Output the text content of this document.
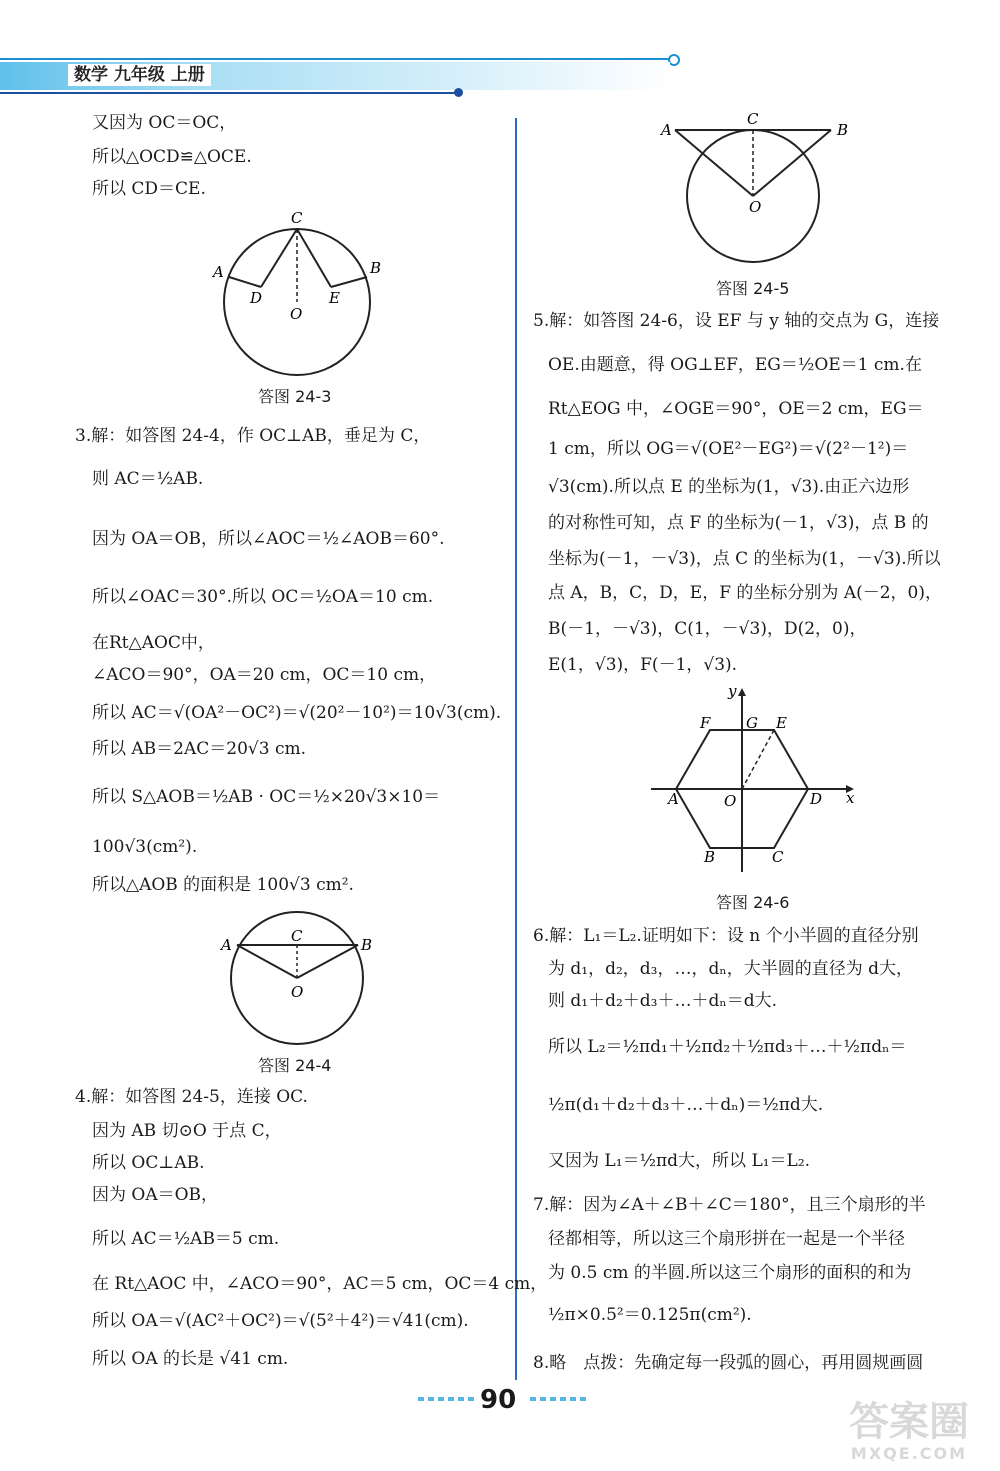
数学 九年级 上册
又因为 OC＝OC，
所以△OCD≌△OCE.
所以 CD＝CE.
C
A	B
D	E
O
答图 24-3
3.解：如答图 24-4，作 OC⊥AB，垂足为 C，
则 AC＝½AB.
因为 OA＝OB，所以∠AOC＝½∠AOB＝60°.
所以∠OAC＝30°.所以 OC＝½OA＝10 cm.
在Rt△AOC中，
∠ACO＝90°，OA＝20 cm，OC＝10 cm，
所以 AC＝√(OA²－OC²)＝√(20²－10²)＝10√3(cm).
所以 AB＝2AC＝20√3 cm.
所以 S△AOB＝½AB · OC＝½×20√3×10＝
100√3(cm²).
所以△AOB 的面积是 100√3 cm².
A	B
C
O
答图 24-4
4.解：如答图 24-5，连接 OC.
因为 AB 切⊙O 于点 C，
所以 OC⊥AB.
因为 OA＝OB，
所以 AC＝½AB＝5 cm.
在 Rt△AOC 中，∠ACO＝90°，AC＝5 cm，OC＝4 cm，
所以 OA＝√(AC²＋OC²)＝√(5²＋4²)＝√41(cm).
所以 OA 的长是 √41 cm.
A	B
C
O
答图 24-5
5.解：如答图 24-6，设 EF 与 y 轴的交点为 G，连接
OE.由题意，得 OG⊥EF，EG＝½OE＝1 cm.在
Rt△EOG 中，∠OGE＝90°，OE＝2 cm，EG＝
1 cm，所以 OG＝√(OE²－EG²)＝√(2²－1²)＝
√3(cm).所以点 E 的坐标为(1，√3).由正六边形
的对称性可知，点 F 的坐标为(－1，√3)，点 B 的
坐标为(－1，－√3)，点 C 的坐标为(1，－√3).所以
点 A，B，C，D，E，F 的坐标分别为 A(－2，0)，
B(－1，－√3)，C(1，－√3)，D(2，0)，
E(1，√3)，F(－1，√3).
y
x
F G E
A	O	D
B	C
答图 24-6
6.解：L₁＝L₂.证明如下：设 n 个小半圆的直径分别
为 d₁，d₂，d₃，…，dₙ，大半圆的直径为 d大，
则 d₁＋d₂＋d₃＋…＋dₙ＝d大.
所以 L₂＝½πd₁＋½πd₂＋½πd₃＋…＋½πdₙ＝
½π(d₁＋d₂＋d₃＋…＋dₙ)＝½πd大.
又因为 L₁＝½πd大，所以 L₁＝L₂.
7.解：因为∠A＋∠B＋∠C＝180°，且三个扇形的半
径都相等，所以这三个扇形拼在一起是一个半径
为 0.5 cm 的半圆.所以这三个扇形的面积的和为
½π×0.5²＝0.125π(cm²).
8.略　点拨：先确定每一段弧的圆心，再用圆规画圆
90	答案圈
MXQE.COM
